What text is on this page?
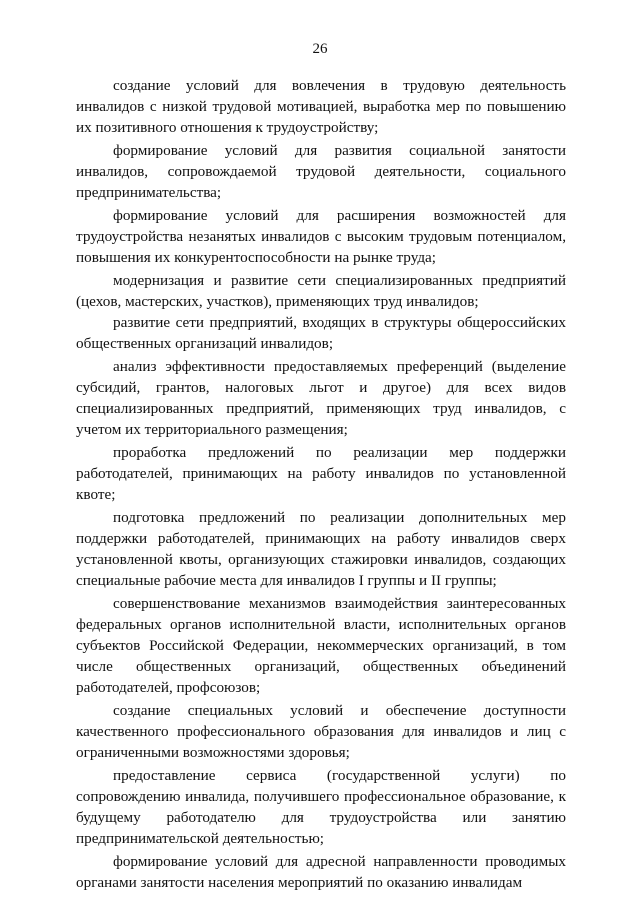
26

создание условий для вовлечения в трудовую деятельность инвалидов с низкой трудовой мотивацией, выработка мер по повышению их позитивного отношения к трудоустройству;

формирование условий для развития социальной занятости инвалидов, сопровождаемой трудовой деятельности, социального предпринимательства;

формирование условий для расширения возможностей для трудоустройства незанятых инвалидов с высоким трудовым потенциалом, повышения их конкурентоспособности на рынке труда;

модернизация и развитие сети специализированных предприятий (цехов, мастерских, участков), применяющих труд инвалидов;

развитие сети предприятий, входящих в структуры общероссийских общественных организаций инвалидов;

анализ эффективности предоставляемых преференций (выделение субсидий, грантов, налоговых льгот и другое) для всех видов специализированных предприятий, применяющих труд инвалидов, с учетом их территориального размещения;

проработка предложений по реализации мер поддержки работодателей, принимающих на работу инвалидов по установленной квоте;

подготовка предложений по реализации дополнительных мер поддержки работодателей, принимающих на работу инвалидов сверх установленной квоты, организующих стажировки инвалидов, создающих специальные рабочие места для инвалидов I группы и II группы;

совершенствование механизмов взаимодействия заинтересованных федеральных органов исполнительной власти, исполнительных органов субъектов Российской Федерации, некоммерческих организаций, в том числе общественных организаций, общественных объединений работодателей, профсоюзов;

создание специальных условий и обеспечение доступности качественного профессионального образования для инвалидов и лиц с ограниченными возможностями здоровья;

предоставление сервиса (государственной услуги) по сопровождению инвалида, получившего профессиональное образование, к будущему работодателю для трудоустройства или занятию предпринимательской деятельностью;

формирование условий для адресной направленности проводимых органами занятости населения мероприятий по оказанию инвалидам
